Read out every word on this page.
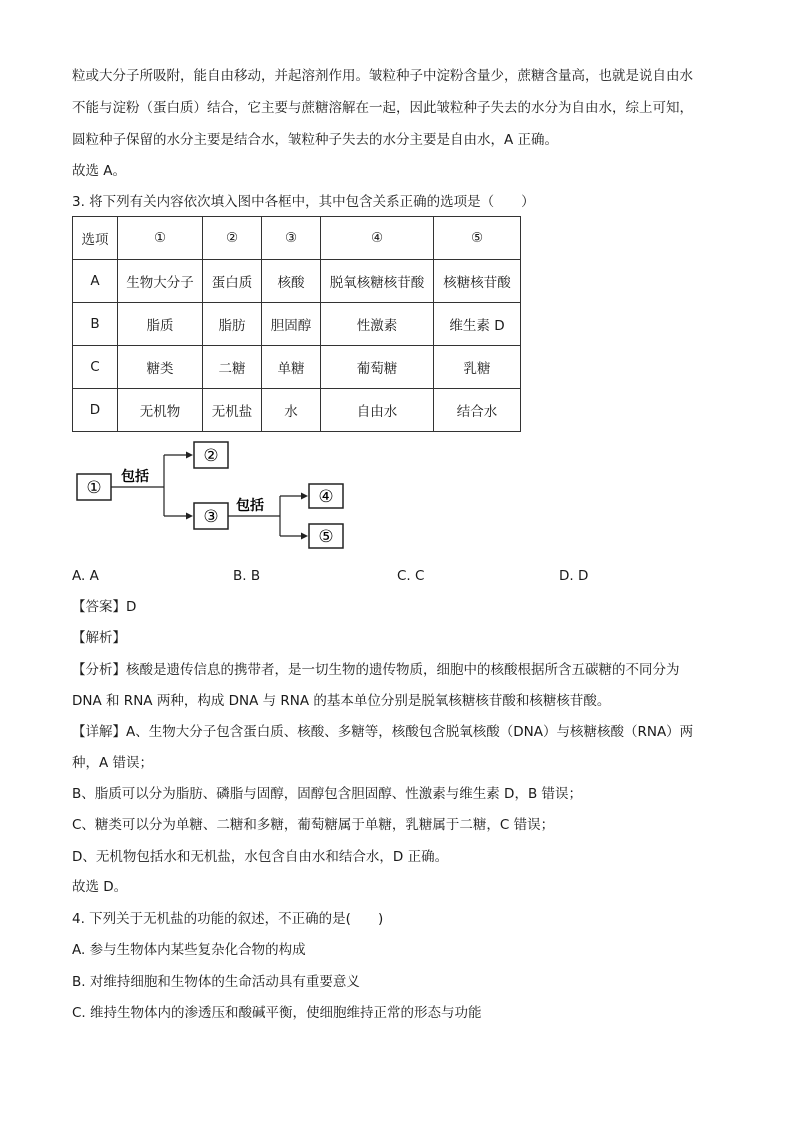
粒或大分子所吸附，能自由移动，并起溶剂作用。皱粒种子中淀粉含量少，蔗糖含量高，也就是说自由水
不能与淀粉（蛋白质）结合，它主要与蔗糖溶解在一起，因此皱粒种子失去的水分为自由水，综上可知，
圆粒种子保留的水分主要是结合水，皱粒种子失去的水分主要是自由水，A 正确。
故选 A。
3. 将下列有关内容依次填入图中各框中，其中包含关系正确的选项是（　　）
选项	①	②	③	④	⑤
A	生物大分子	蛋白质	核酸	脱氧核糖核苷酸	核糖核苷酸
B	脂质	脂肪	胆固醇	性激素	维生素 D
C	糖类	二糖	单糖	葡萄糖	乳糖
D	无机物	无机盐	水	自由水	结合水
①
包括
②
③
包括	④
⑤
A. A	B. B	C. C	D. D
【答案】D
【解析】
【分析】核酸是遗传信息的携带者，是一切生物的遗传物质，细胞中的核酸根据所含五碳糖的不同分为
DNA 和 RNA 两种，构成 DNA 与 RNA 的基本单位分别是脱氧核糖核苷酸和核糖核苷酸。
【详解】A、生物大分子包含蛋白质、核酸、多糖等，核酸包含脱氧核酸（DNA）与核糖核酸（RNA）两
种，A 错误；
B、脂质可以分为脂肪、磷脂与固醇，固醇包含胆固醇、性激素与维生素 D，B 错误；
C、糖类可以分为单糖、二糖和多糖，葡萄糖属于单糖，乳糖属于二糖，C 错误；
D、无机物包括水和无机盐，水包含自由水和结合水，D 正确。
故选 D。
4. 下列关于无机盐的功能的叙述，不正确的是(　　)
A. 参与生物体内某些复杂化合物的构成
B. 对维持细胞和生物体的生命活动具有重要意义
C. 维持生物体内的渗透压和酸碱平衡，使细胞维持正常的形态与功能
